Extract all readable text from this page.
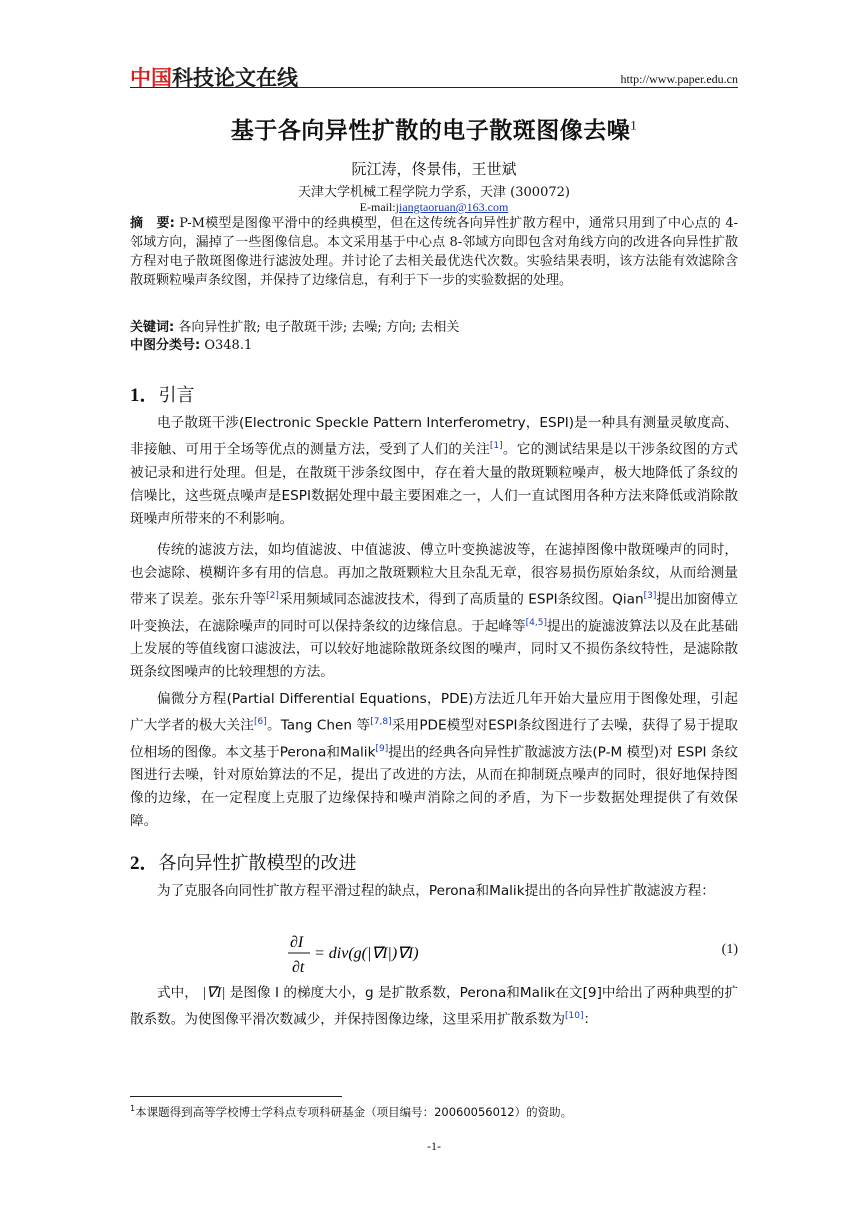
中国科技论文在线	http://www.paper.edu.cn
基于各向异性扩散的电子散斑图像去噪$^1$
阮江涛，佟景伟，王世斌
天津大学机械工程学院力学系，天津 (300072)
E-mail:jiangtaoruan@163.com
摘　要: P-M模型是图像平滑中的经典模型，但在这传统各向异性扩散方程中，通常只用到了中心点的 4-邻域方向，漏掉了一些图像信息。本文采用基于中心点 8-邻域方向即包含对角线方向的改进各向异性扩散方程对电子散斑图像进行滤波处理。并讨论了去相关最优迭代次数。实验结果表明，该方法能有效滤除含散斑颗粒噪声条纹图，并保持了边缘信息，有利于下一步的实验数据的处理。
关键词: 各向异性扩散; 电子散斑干涉; 去噪; 方向; 去相关
中图分类号: O348.1
1．引言
电子散斑干涉(Electronic Speckle Pattern Interferometry，ESPI)是一种具有测量灵敏度高、非接触、可用于全场等优点的测量方法，受到了人们的关注[1]。它的测试结果是以干涉条纹图的方式被记录和进行处理。但是，在散斑干涉条纹图中，存在着大量的散斑颗粒噪声，极大地降低了条纹的信噪比，这些斑点噪声是ESPI数据处理中最主要困难之一，人们一直试图用各种方法来降低或消除散斑噪声所带来的不利影响。
传统的滤波方法，如均值滤波、中值滤波、傅立叶变换滤波等，在滤掉图像中散斑噪声的同时，也会滤除、模糊许多有用的信息。再加之散斑颗粒大且杂乱无章，很容易损伤原始条纹，从而给测量带来了误差。张东升等[2]采用频域同态滤波技术，得到了高质量的 ESPI条纹图。Qian[3]提出加窗傅立叶变换法，在滤除噪声的同时可以保持条纹的边缘信息。于起峰等[4,5]提出的旋滤波算法以及在此基础上发展的等值线窗口滤波法，可以较好地滤除散斑条纹图的噪声，同时又不损伤条纹特性，是滤除散斑条纹图噪声的比较理想的方法。
偏微分方程(Partial Differential Equations，PDE)方法近几年开始大量应用于图像处理，引起广大学者的极大关注[6]。Tang Chen 等[7,8]采用PDE模型对ESPI条纹图进行了去噪，获得了易于提取位相场的图像。本文基于Perona和Malik[9]提出的经典各向异性扩散滤波方法(P-M 模型)对 ESPI 条纹图进行去噪，针对原始算法的不足，提出了改进的方法，从而在抑制斑点噪声的同时，很好地保持图像的边缘，在一定程度上克服了边缘保持和噪声消除之间的矛盾，为下一步数据处理提供了有效保障。
2．各向异性扩散模型的改进
为了克服各向同性扩散方程平滑过程的缺点，Perona和Malik提出的各向异性扩散滤波方程：
∂I
∂t
= div(g(|∇I|)∇I)	(1)
式中， |∇I| 是图像 I 的梯度大小，g 是扩散系数，Perona和Malik在文[9]中给出了两种典型的扩散系数。为使图像平滑次数减少，并保持图像边缘，这里采用扩散系数为[10]：
$^1$本课题得到高等学校博士学科点专项科研基金（项目编号：20060056012）的资助。
-1-
